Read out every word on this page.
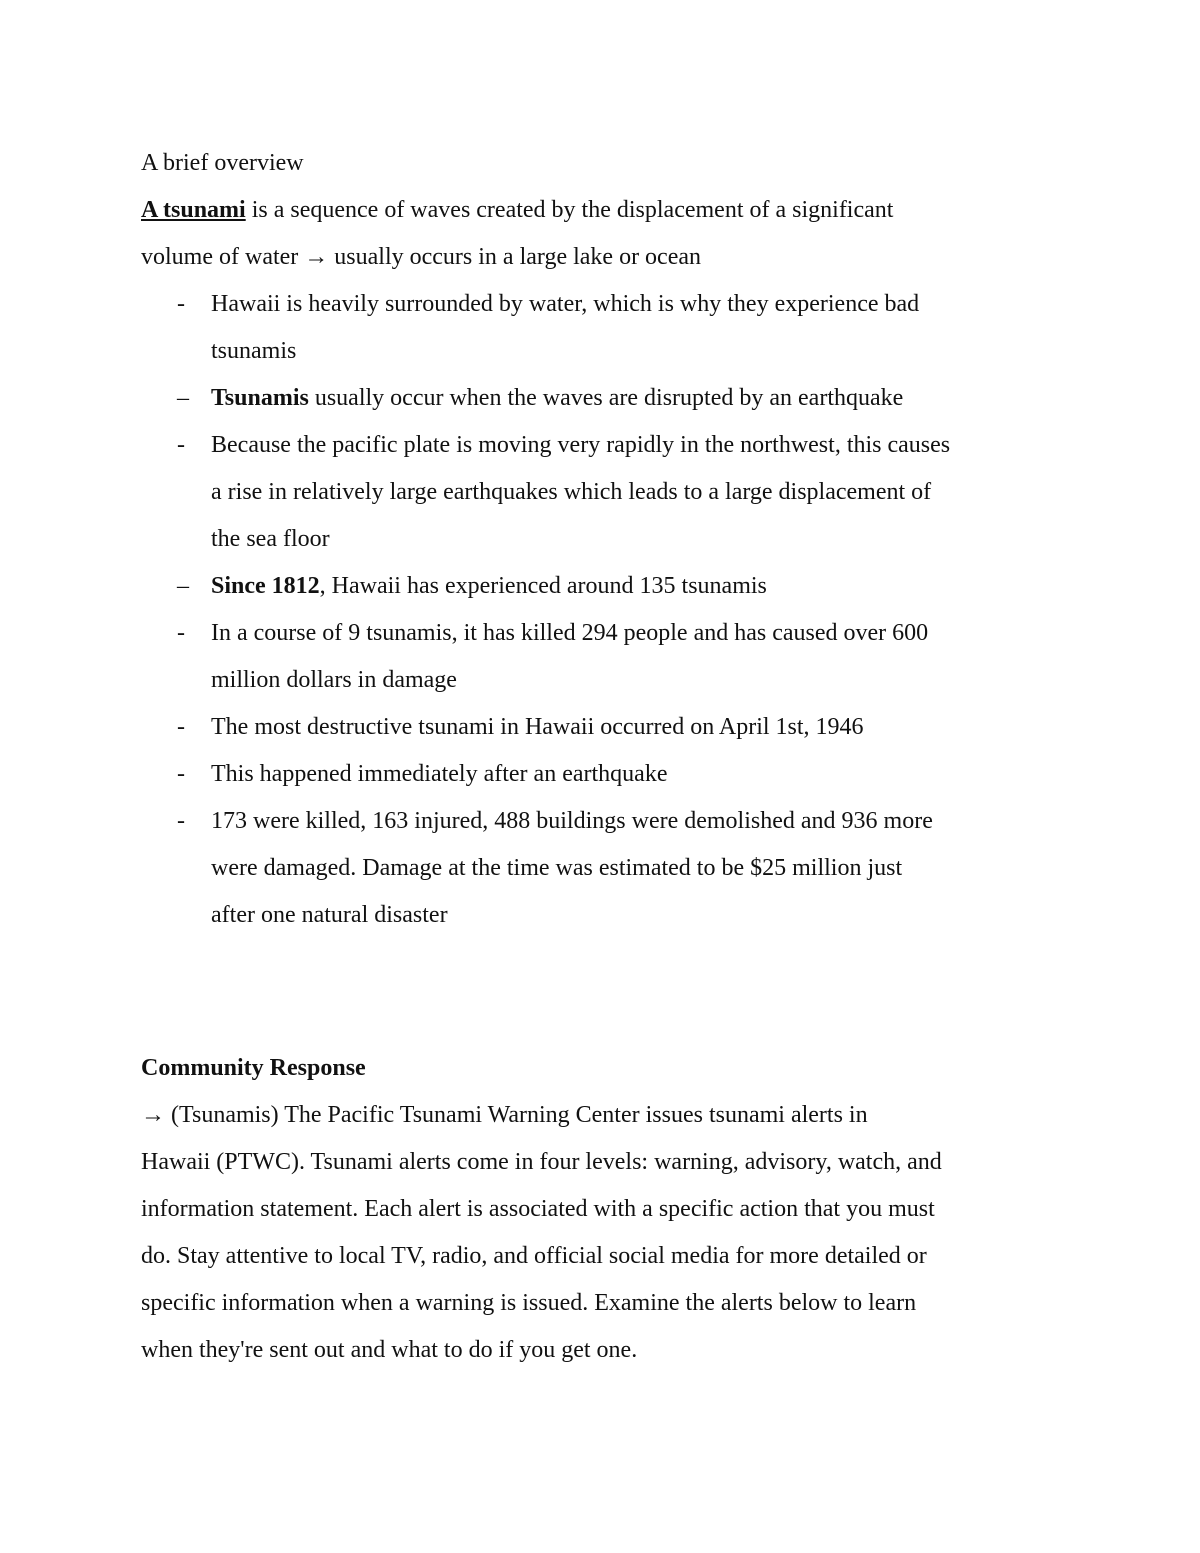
A brief overview
A tsunami is a sequence of waves created by the displacement of a significant
volume of water → usually occurs in a large lake or ocean
- Hawaii is heavily surrounded by water, which is why they experience bad
tsunamis
– Tsunamis usually occur when the waves are disrupted by an earthquake
- Because the pacific plate is moving very rapidly in the northwest, this causes
a rise in relatively large earthquakes which leads to a large displacement of
the sea floor
– Since 1812, Hawaii has experienced around 135 tsunamis
- In a course of 9 tsunamis, it has killed 294 people and has caused over 600
million dollars in damage
- The most destructive tsunami in Hawaii occurred on April 1st, 1946
- This happened immediately after an earthquake
- 173 were killed, 163 injured, 488 buildings were demolished and 936 more
were damaged. Damage at the time was estimated to be $25 million just
after one natural disaster
Community Response
→ (Tsunamis) The Pacific Tsunami Warning Center issues tsunami alerts in
Hawaii (PTWC). Tsunami alerts come in four levels: warning, advisory, watch, and
information statement. Each alert is associated with a specific action that you must
do. Stay attentive to local TV, radio, and official social media for more detailed or
specific information when a warning is issued. Examine the alerts below to learn
when they're sent out and what to do if you get one.
